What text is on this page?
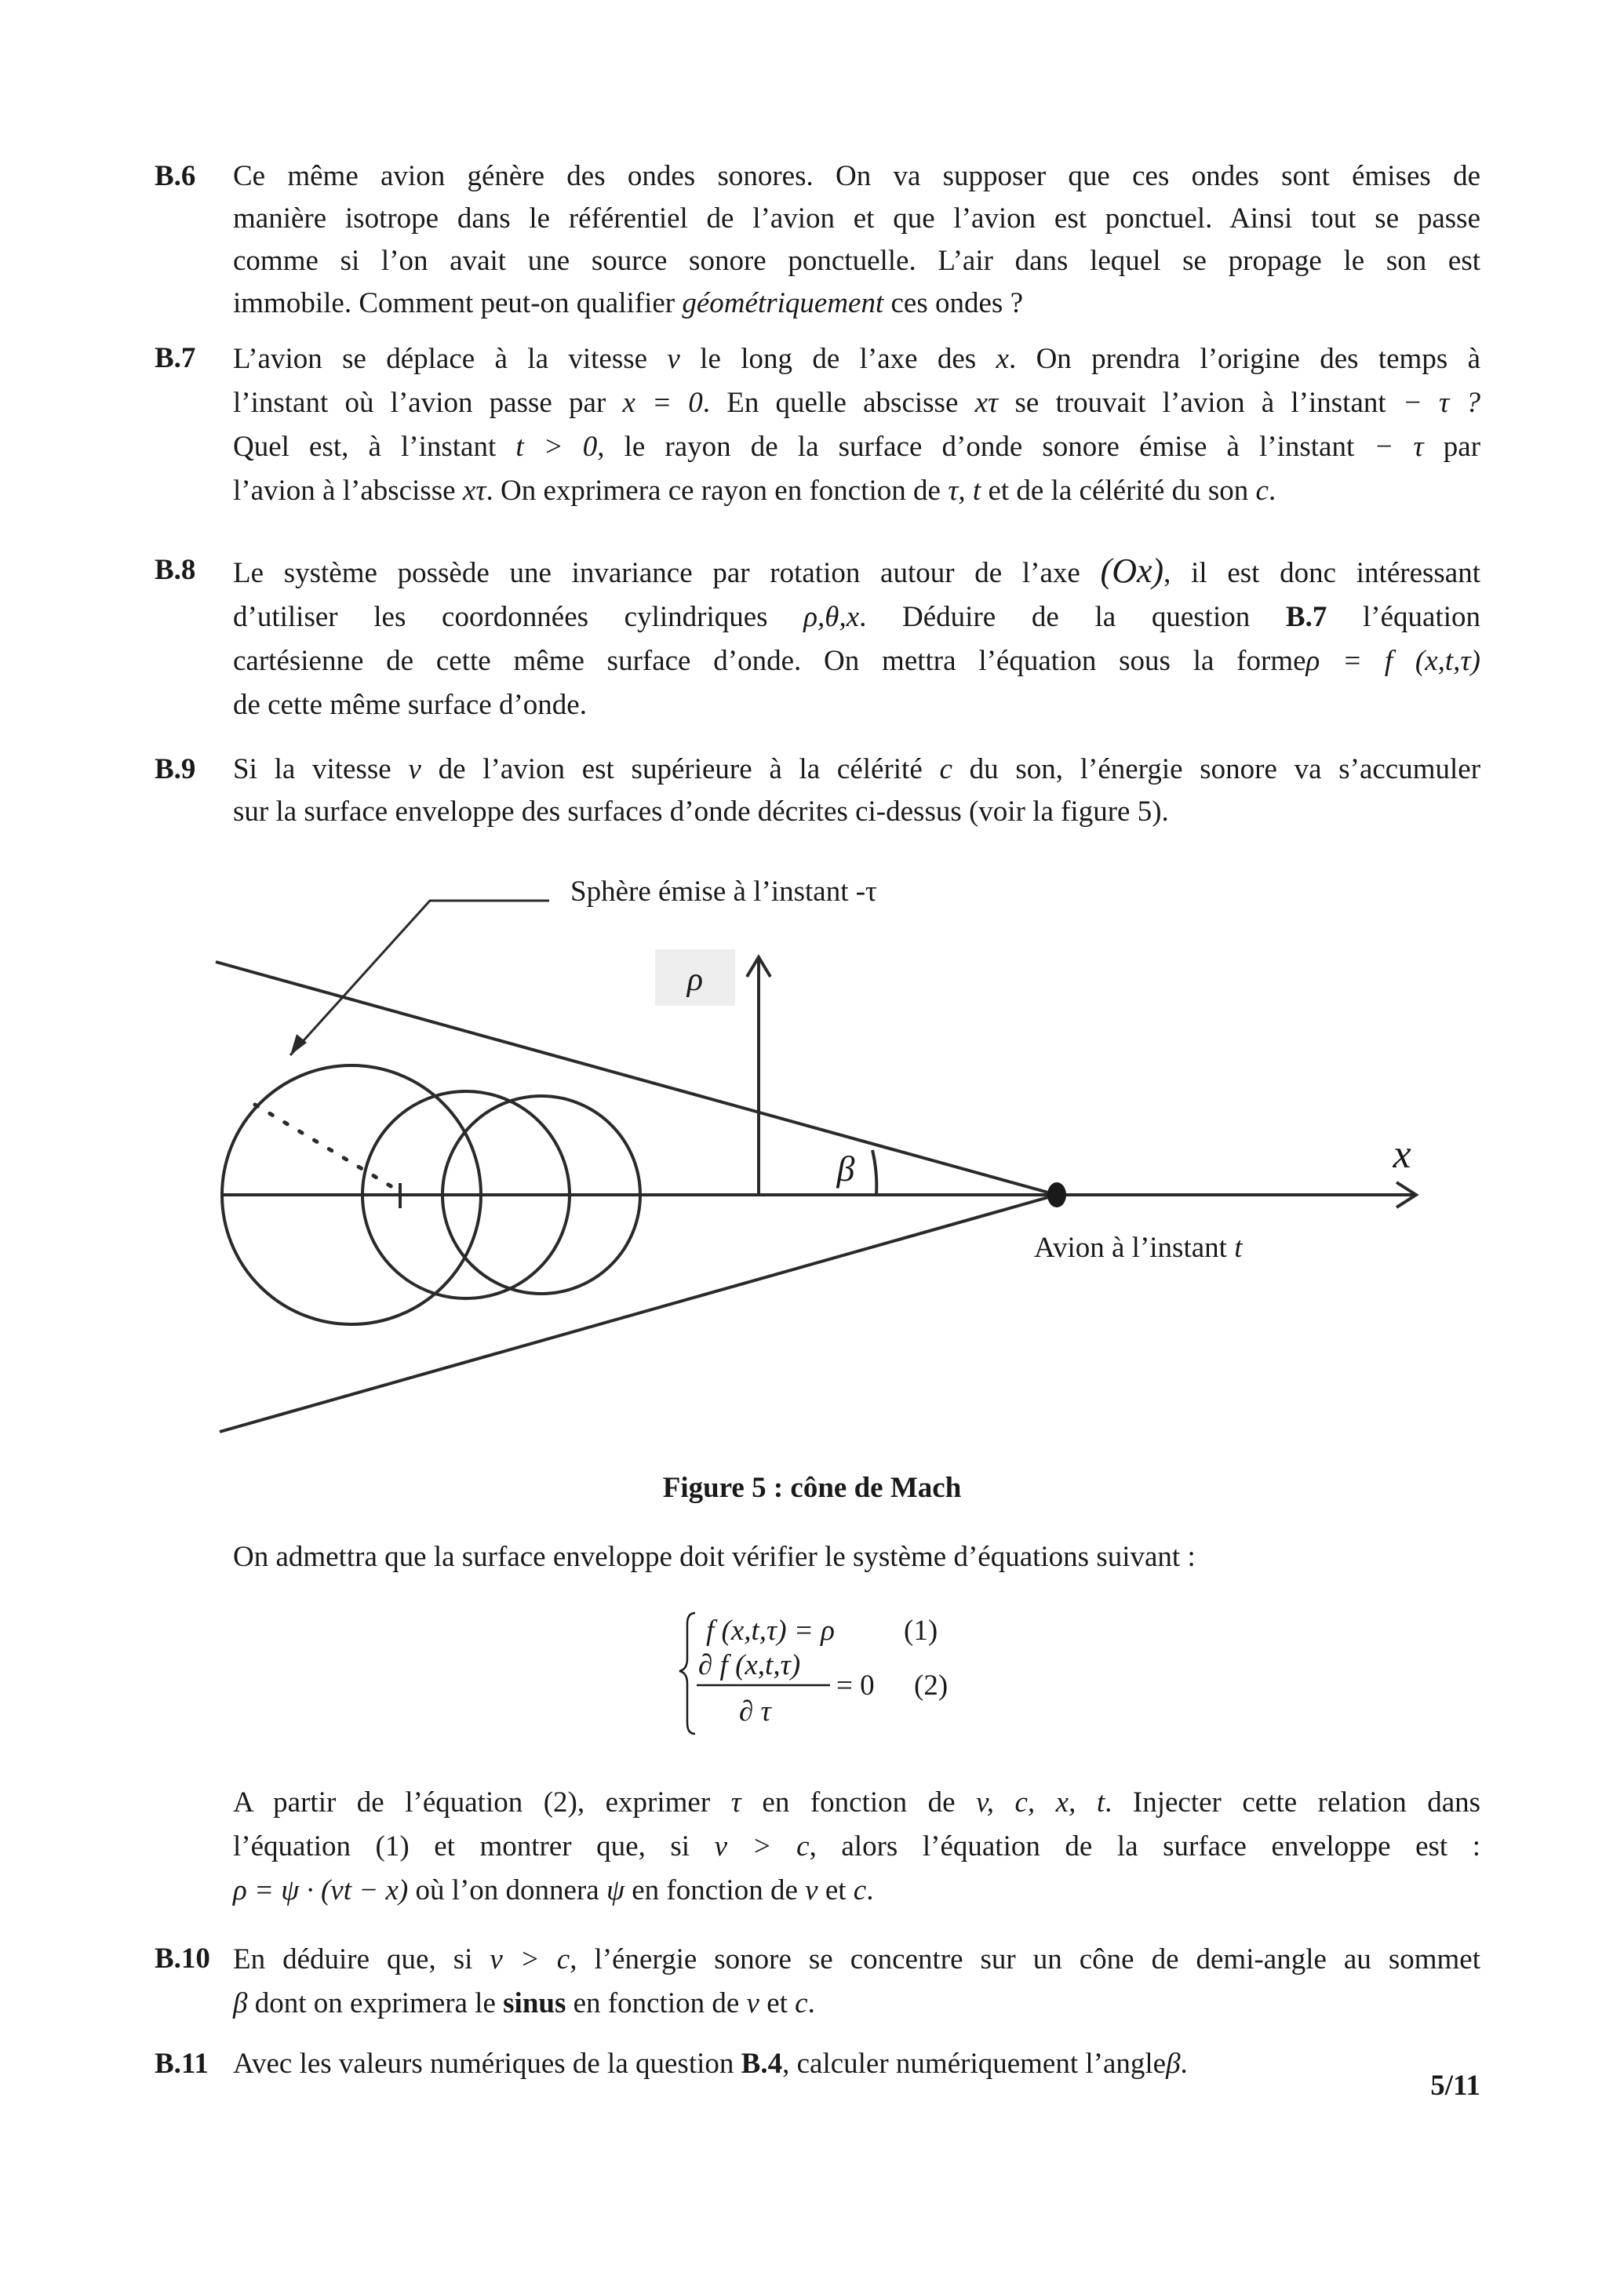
B.6 Ce même avion génère des ondes sonores. On va supposer que ces ondes sont émises de
manière isotrope dans le référentiel de l’avion et que l’avion est ponctuel. Ainsi tout se passe
comme si l’on avait une source sonore ponctuelle. L’air dans lequel se propage le son est
immobile. Comment peut-on qualifier géométriquement ces ondes ?
B.7 L’avion se déplace à la vitesse v le long de l’axe des x. On prendra l’origine des temps à
l’instant où l’avion passe par x = 0. En quelle abscisse xτ se trouvait l’avion à l’instant − τ ?
Quel est, à l’instant t > 0, le rayon de la surface d’onde sonore émise à l’instant − τ par
l’avion à l’abscisse xτ. On exprimera ce rayon en fonction de τ, t et de la célérité du son c.
B.8 Le système possède une invariance par rotation autour de l’axe (Ox), il est donc intéressant
d’utiliser les coordonnées cylindriques ρ,θ,x. Déduire de la question B.7 l’équation
cartésienne de cette même surface d’onde. On mettra l’équation sous la formeρ = f (x,t,τ)
de cette même surface d’onde.
B.9 Si la vitesse v de l’avion est supérieure à la célérité c du son, l’énergie sonore va s’accumuler
sur la surface enveloppe des surfaces d’onde décrites ci-dessus (voir la figure 5).
ρ
x
β
Sphère émise à l’instant -τ
Avion à l’instant t
Figure 5 : cône de Mach
On admettra que la surface enveloppe doit vérifier le système d’équations suivant :
f (x,t,τ) = ρ (1)
∂ f (x,t,τ)
∂ τ
= 0 (2)
A partir de l’équation (2), exprimer τ en fonction de v, c, x, t. Injecter cette relation dans
l’équation (1) et montrer que, si v > c, alors l’équation de la surface enveloppe est :
ρ = ψ · (vt − x) où l’on donnera ψ en fonction de v et c.
B.10 En déduire que, si v > c, l’énergie sonore se concentre sur un cône de demi-angle au sommet
β dont on exprimera le sinus en fonction de v et c.
B.11 Avec les valeurs numériques de la question B.4, calculer numériquement l’angleβ.
5/11
